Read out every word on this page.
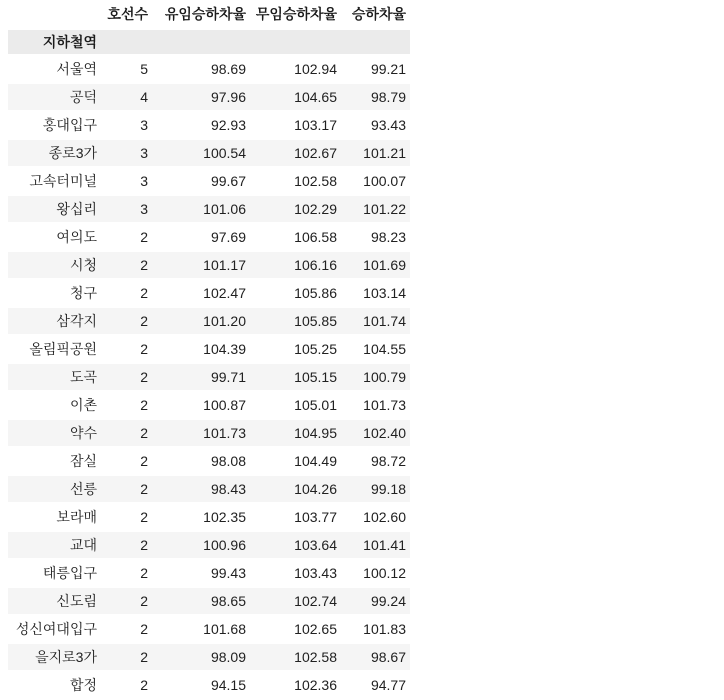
	호선수	유임승하차율	무임승하차율	승하차율
지하철역				
서울역	5	98.69	102.94	99.21
공덕	4	97.96	104.65	98.79
홍대입구	3	92.93	103.17	93.43
종로3가	3	100.54	102.67	101.21
고속터미널	3	99.67	102.58	100.07
왕십리	3	101.06	102.29	101.22
여의도	2	97.69	106.58	98.23
시청	2	101.17	106.16	101.69
청구	2	102.47	105.86	103.14
삼각지	2	101.20	105.85	101.74
올림픽공원	2	104.39	105.25	104.55
도곡	2	99.71	105.15	100.79
이촌	2	100.87	105.01	101.73
약수	2	101.73	104.95	102.40
잠실	2	98.08	104.49	98.72
선릉	2	98.43	104.26	99.18
보라매	2	102.35	103.77	102.60
교대	2	100.96	103.64	101.41
태릉입구	2	99.43	103.43	100.12
신도림	2	98.65	102.74	99.24
성신여대입구	2	101.68	102.65	101.83
을지로3가	2	98.09	102.58	98.67
합정	2	94.15	102.36	94.77
